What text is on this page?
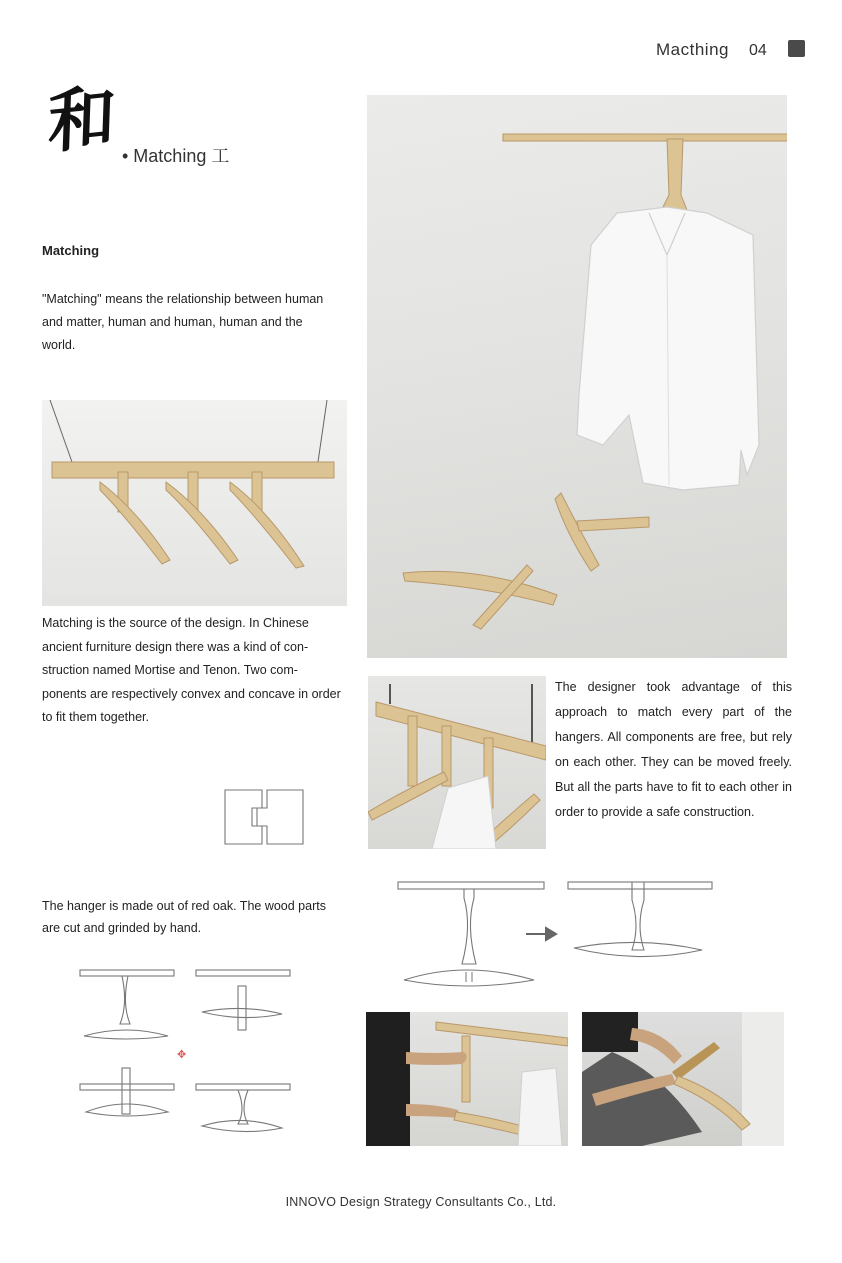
Macthing 04
和 • Matching 工
Matching

"Matching" means the relationship between human and matter, human and human, human and the world.

Matching is the source of the design. In Chinese ancient furniture design there was a kind of con-struction named Mortise and Tenon. Two com-ponents are respectively convex and concave in order to fit them together.

The hanger is made out of red oak. The wood parts are cut and grinded by hand.

✥

The designer took advantage of this approach to match every part of the hangers. All components are free, but rely on each other. They can be moved freely. But all the parts have to fit to each other in order to provide a safe construction.

INNOVO Design Strategy Consultants Co., Ltd.
